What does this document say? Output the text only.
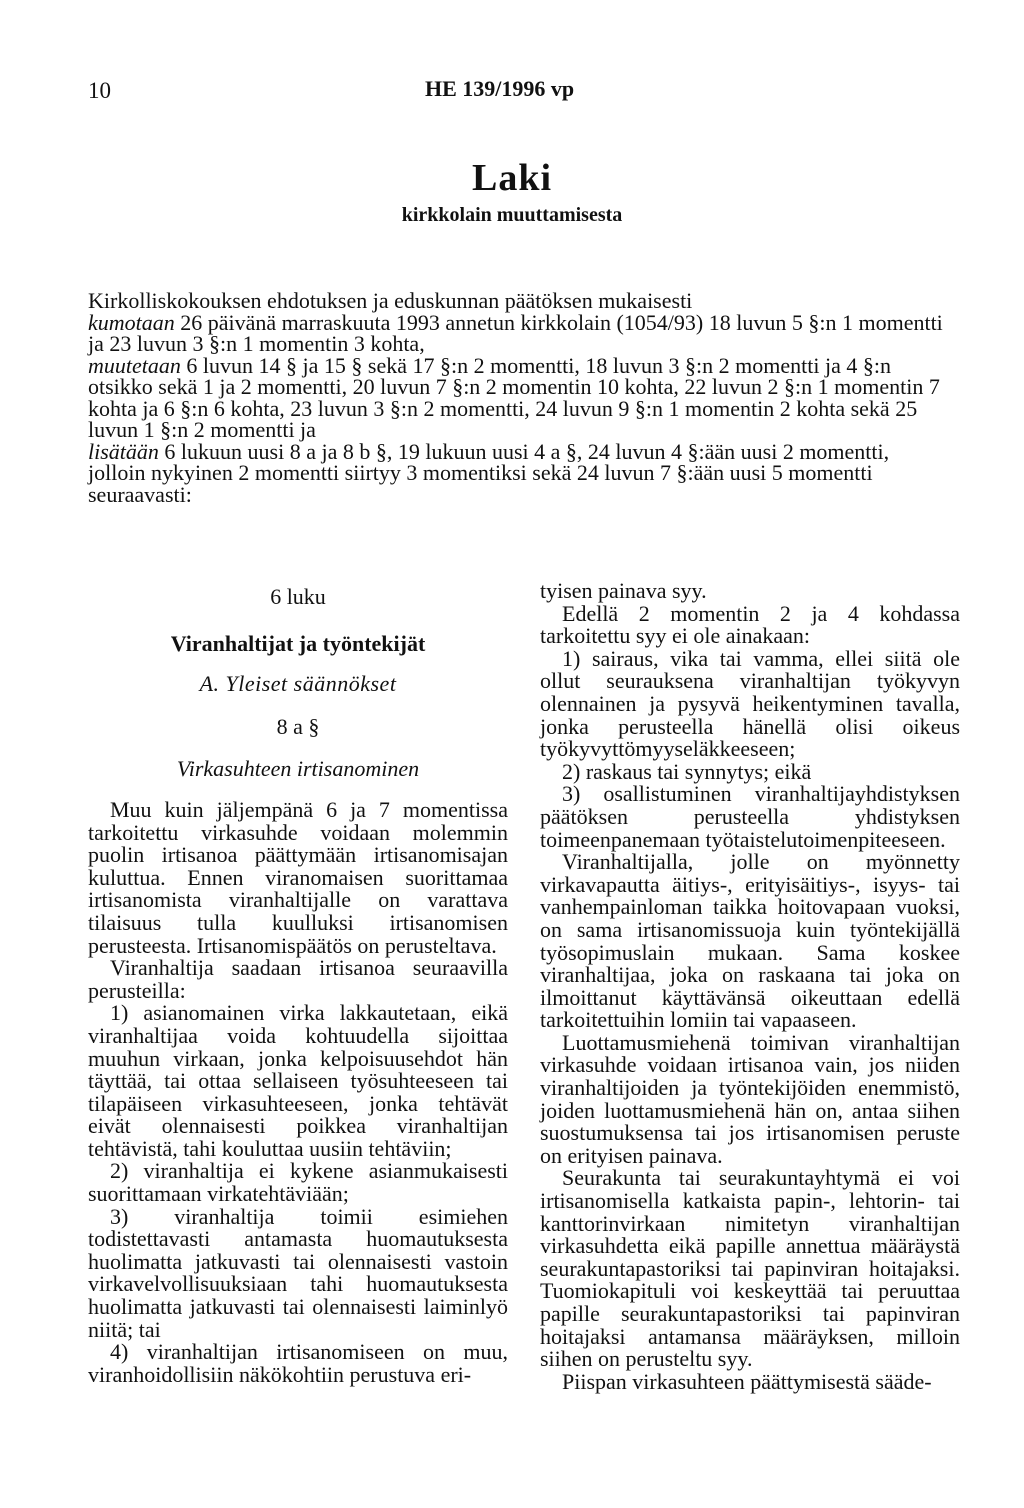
10	HE 139/1996 vp
Laki
kirkkolain muuttamisesta

Kirkolliskokouksen ehdotuksen ja eduskunnan päätöksen mukaisesti

kumotaan 26 päivänä marraskuuta 1993 annetun kirkkolain (1054/93) 18 luvun 5 §:n 1 momentti ja 23 luvun 3 §:n 1 momentin 3 kohta,

muutetaan 6 luvun 14 § ja 15 § sekä 17 §:n 2 momentti, 18 luvun 3 §:n 2 momentti ja 4 §:n otsikko sekä 1 ja 2 momentti, 20 luvun 7 §:n 2 momentin 10 kohta, 22 luvun 2 §:n 1 momentin 7 kohta ja 6 §:n 6 kohta, 23 luvun 3 §:n 2 momentti, 24 luvun 9 §:n 1 momentin 2 kohta sekä 25 luvun 1 §:n 2 momentti ja

lisätään 6 lukuun uusi 8 a ja 8 b §, 19 lukuun uusi 4 a §, 24 luvun 4 §:ään uusi 2 momentti, jolloin nykyinen 2 momentti siirtyy 3 momentiksi sekä 24 luvun 7 §:ään uusi 5 momentti seuraavasti:

6 luku

Viranhaltijat ja työntekijät

A. Yleiset säännökset

8 a §

Virkasuhteen irtisanominen

Muu kuin jäljempänä 6 ja 7 momentissa tarkoitettu virkasuhde voidaan molemmin puolin irtisanoa päättymään irtisanomisajan kuluttua. Ennen viranomaisen suorittamaa irtisanomista viranhaltijalle on varattava tilaisuus tulla kuulluksi irtisanomisen perusteesta. Irtisanomispäätös on perusteltava.

Viranhaltija saadaan irtisanoa seuraavilla perusteilla:

1) asianomainen virka lakkautetaan, eikä viranhaltijaa voida kohtuudella sijoittaa muuhun virkaan, jonka kelpoisuusehdot hän täyttää, tai ottaa sellaiseen työsuhteeseen tai tilapäiseen virkasuhteeseen, jonka tehtävät eivät olennaisesti poikkea viranhaltijan tehtävistä, tahi kouluttaa uusiin tehtäviin;

2) viranhaltija ei kykene asianmukaisesti suorittamaan virkatehtäviään;

3) viranhaltija toimii esimiehen todistettavasti antamasta huomautuksesta huolimatta jatkuvasti tai olennaisesti vastoin virkavelvollisuuksiaan tahi huomautuksesta huolimatta jatkuvasti tai olennaisesti laiminlyö niitä; tai

4) viranhaltijan irtisanomiseen on muu, viranhoidollisiin näkökohtiin perustuva eri-

tyisen painava syy.

Edellä 2 momentin 2 ja 4 kohdassa tarkoitettu syy ei ole ainakaan:

1) sairaus, vika tai vamma, ellei siitä ole ollut seurauksena viranhaltijan työkyvyn olennainen ja pysyvä heikentyminen tavalla, jonka perusteella hänellä olisi oikeus työkyvyttömyyseläkkeeseen;

2) raskaus tai synnytys; eikä

3) osallistuminen viranhaltijayhdistyksen päätöksen perusteella yhdistyksen toimeenpanemaan työtaistelutoimenpiteeseen.

Viranhaltijalla, jolle on myönnetty virkavapautta äitiys-, erityisäitiys-, isyys- tai vanhempainloman taikka hoitovapaan vuoksi, on sama irtisanomissuoja kuin työntekijällä työsopimuslain mukaan. Sama koskee viranhaltijaa, joka on raskaana tai joka on ilmoittanut käyttävänsä oikeuttaan edellä tarkoitettuihin lomiin tai vapaaseen.

Luottamusmiehenä toimivan viranhaltijan virkasuhde voidaan irtisanoa vain, jos niiden viranhaltijoiden ja työntekijöiden enemmistö, joiden luottamusmiehenä hän on, antaa siihen suostumuksensa tai jos irtisanomisen peruste on erityisen painava.

Seurakunta tai seurakuntayhtymä ei voi irtisanomisella katkaista papin-, lehtorin- tai kanttorinvirkaan nimitetyn viranhaltijan virkasuhdetta eikä papille annettua määräystä seurakuntapastoriksi tai papinviran hoitajaksi. Tuomiokapituli voi keskeyttää tai peruuttaa papille seurakuntapastoriksi tai papinviran hoitajaksi antamansa määräyksen, milloin siihen on perusteltu syy.

Piispan virkasuhteen päättymisestä sääde-
